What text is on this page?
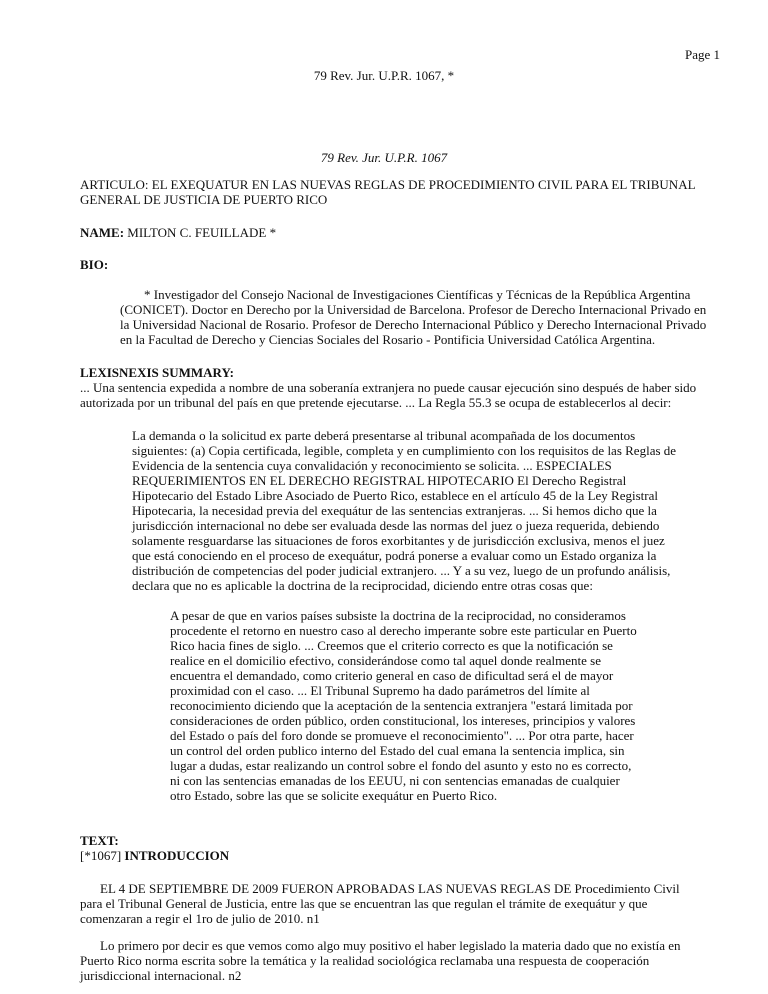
Page 1
79 Rev. Jur. U.P.R. 1067, *
79 Rev. Jur. U.P.R. 1067
ARTICULO: EL EXEQUATUR EN LAS NUEVAS REGLAS DE PROCEDIMIENTO CIVIL PARA EL TRIBUNAL
GENERAL DE JUSTICIA DE PUERTO RICO
NAME: MILTON C. FEUILLADE *
BIO:
* Investigador del Consejo Nacional de Investigaciones Científicas y Técnicas de la República Argentina
(CONICET). Doctor en Derecho por la Universidad de Barcelona. Profesor de Derecho Internacional Privado en
la Universidad Nacional de Rosario. Profesor de Derecho Internacional Público y Derecho Internacional Privado
en la Facultad de Derecho y Ciencias Sociales del Rosario - Pontificia Universidad Católica Argentina.
LEXISNEXIS SUMMARY:
... Una sentencia expedida a nombre de una soberanía extranjera no puede causar ejecución sino después de haber sido
autorizada por un tribunal del país en que pretende ejecutarse. ... La Regla 55.3 se ocupa de establecerlos al decir:
La demanda o la solicitud ex parte deberá presentarse al tribunal acompañada de los documentos
siguientes: (a) Copia certificada, legible, completa y en cumplimiento con los requisitos de las Reglas de
Evidencia de la sentencia cuya convalidación y reconocimiento se solicita. ... ESPECIALES
REQUERIMIENTOS EN EL DERECHO REGISTRAL HIPOTECARIO El Derecho Registral
Hipotecario del Estado Libre Asociado de Puerto Rico, establece en el artículo 45 de la Ley Registral
Hipotecaria, la necesidad previa del exequátur de las sentencias extranjeras. ... Si hemos dicho que la
jurisdicción internacional no debe ser evaluada desde las normas del juez o jueza requerida, debiendo
solamente resguardarse las situaciones de foros exorbitantes y de jurisdicción exclusiva, menos el juez
que está conociendo en el proceso de exequátur, podrá ponerse a evaluar como un Estado organiza la
distribución de competencias del poder judicial extranjero. ... Y a su vez, luego de un profundo análisis,
declara que no es aplicable la doctrina de la reciprocidad, diciendo entre otras cosas que:
A pesar de que en varios países subsiste la doctrina de la reciprocidad, no consideramos
procedente el retorno en nuestro caso al derecho imperante sobre este particular en Puerto
Rico hacia fines de siglo. ... Creemos que el criterio correcto es que la notificación se
realice en el domicilio efectivo, considerándose como tal aquel donde realmente se
encuentra el demandado, como criterio general en caso de dificultad será el de mayor
proximidad con el caso. ... El Tribunal Supremo ha dado parámetros del límite al
reconocimiento diciendo que la aceptación de la sentencia extranjera "estará limitada por
consideraciones de orden público, orden constitucional, los intereses, principios y valores
del Estado o país del foro donde se promueve el reconocimiento". ... Por otra parte, hacer
un control del orden publico interno del Estado del cual emana la sentencia implica, sin
lugar a dudas, estar realizando un control sobre el fondo del asunto y esto no es correcto,
ni con las sentencias emanadas de los EEUU, ni con sentencias emanadas de cualquier
otro Estado, sobre las que se solicite exequátur en Puerto Rico.
TEXT:
[*1067] INTRODUCCION
EL 4 DE SEPTIEMBRE DE 2009 FUERON APROBADAS LAS NUEVAS REGLAS DE Procedimiento Civil
para el Tribunal General de Justicia, entre las que se encuentran las que regulan el trámite de exequátur y que
comenzaran a regir el 1ro de julio de 2010. n1
Lo primero por decir es que vemos como algo muy positivo el haber legislado la materia dado que no existía en
Puerto Rico norma escrita sobre la temática y la realidad sociológica reclamaba una respuesta de cooperación
jurisdiccional internacional. n2
